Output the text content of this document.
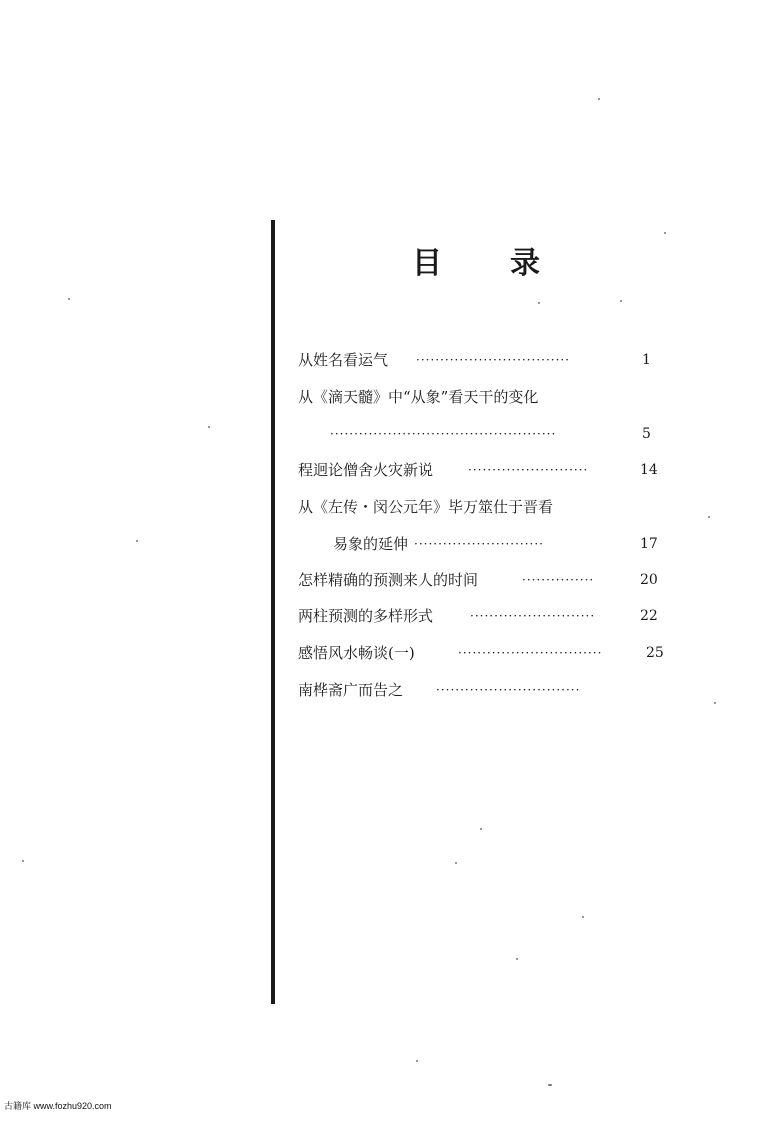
目 录
从姓名看运气 ································	1
从《滴天髓》中“从象”看天干的变化
···············································	5
程迥论僧舍火灾新说	·························	14
从《左传・闵公元年》毕万筮仕于晋看
易象的延伸 ···························	17
怎样精确的预测来人的时间	···············	20
两柱预测的多样形式	··························	22
感悟风水畅谈(一)	······························	25
南桦斋广而告之	······························
古籍库 www.fozhu920.com
